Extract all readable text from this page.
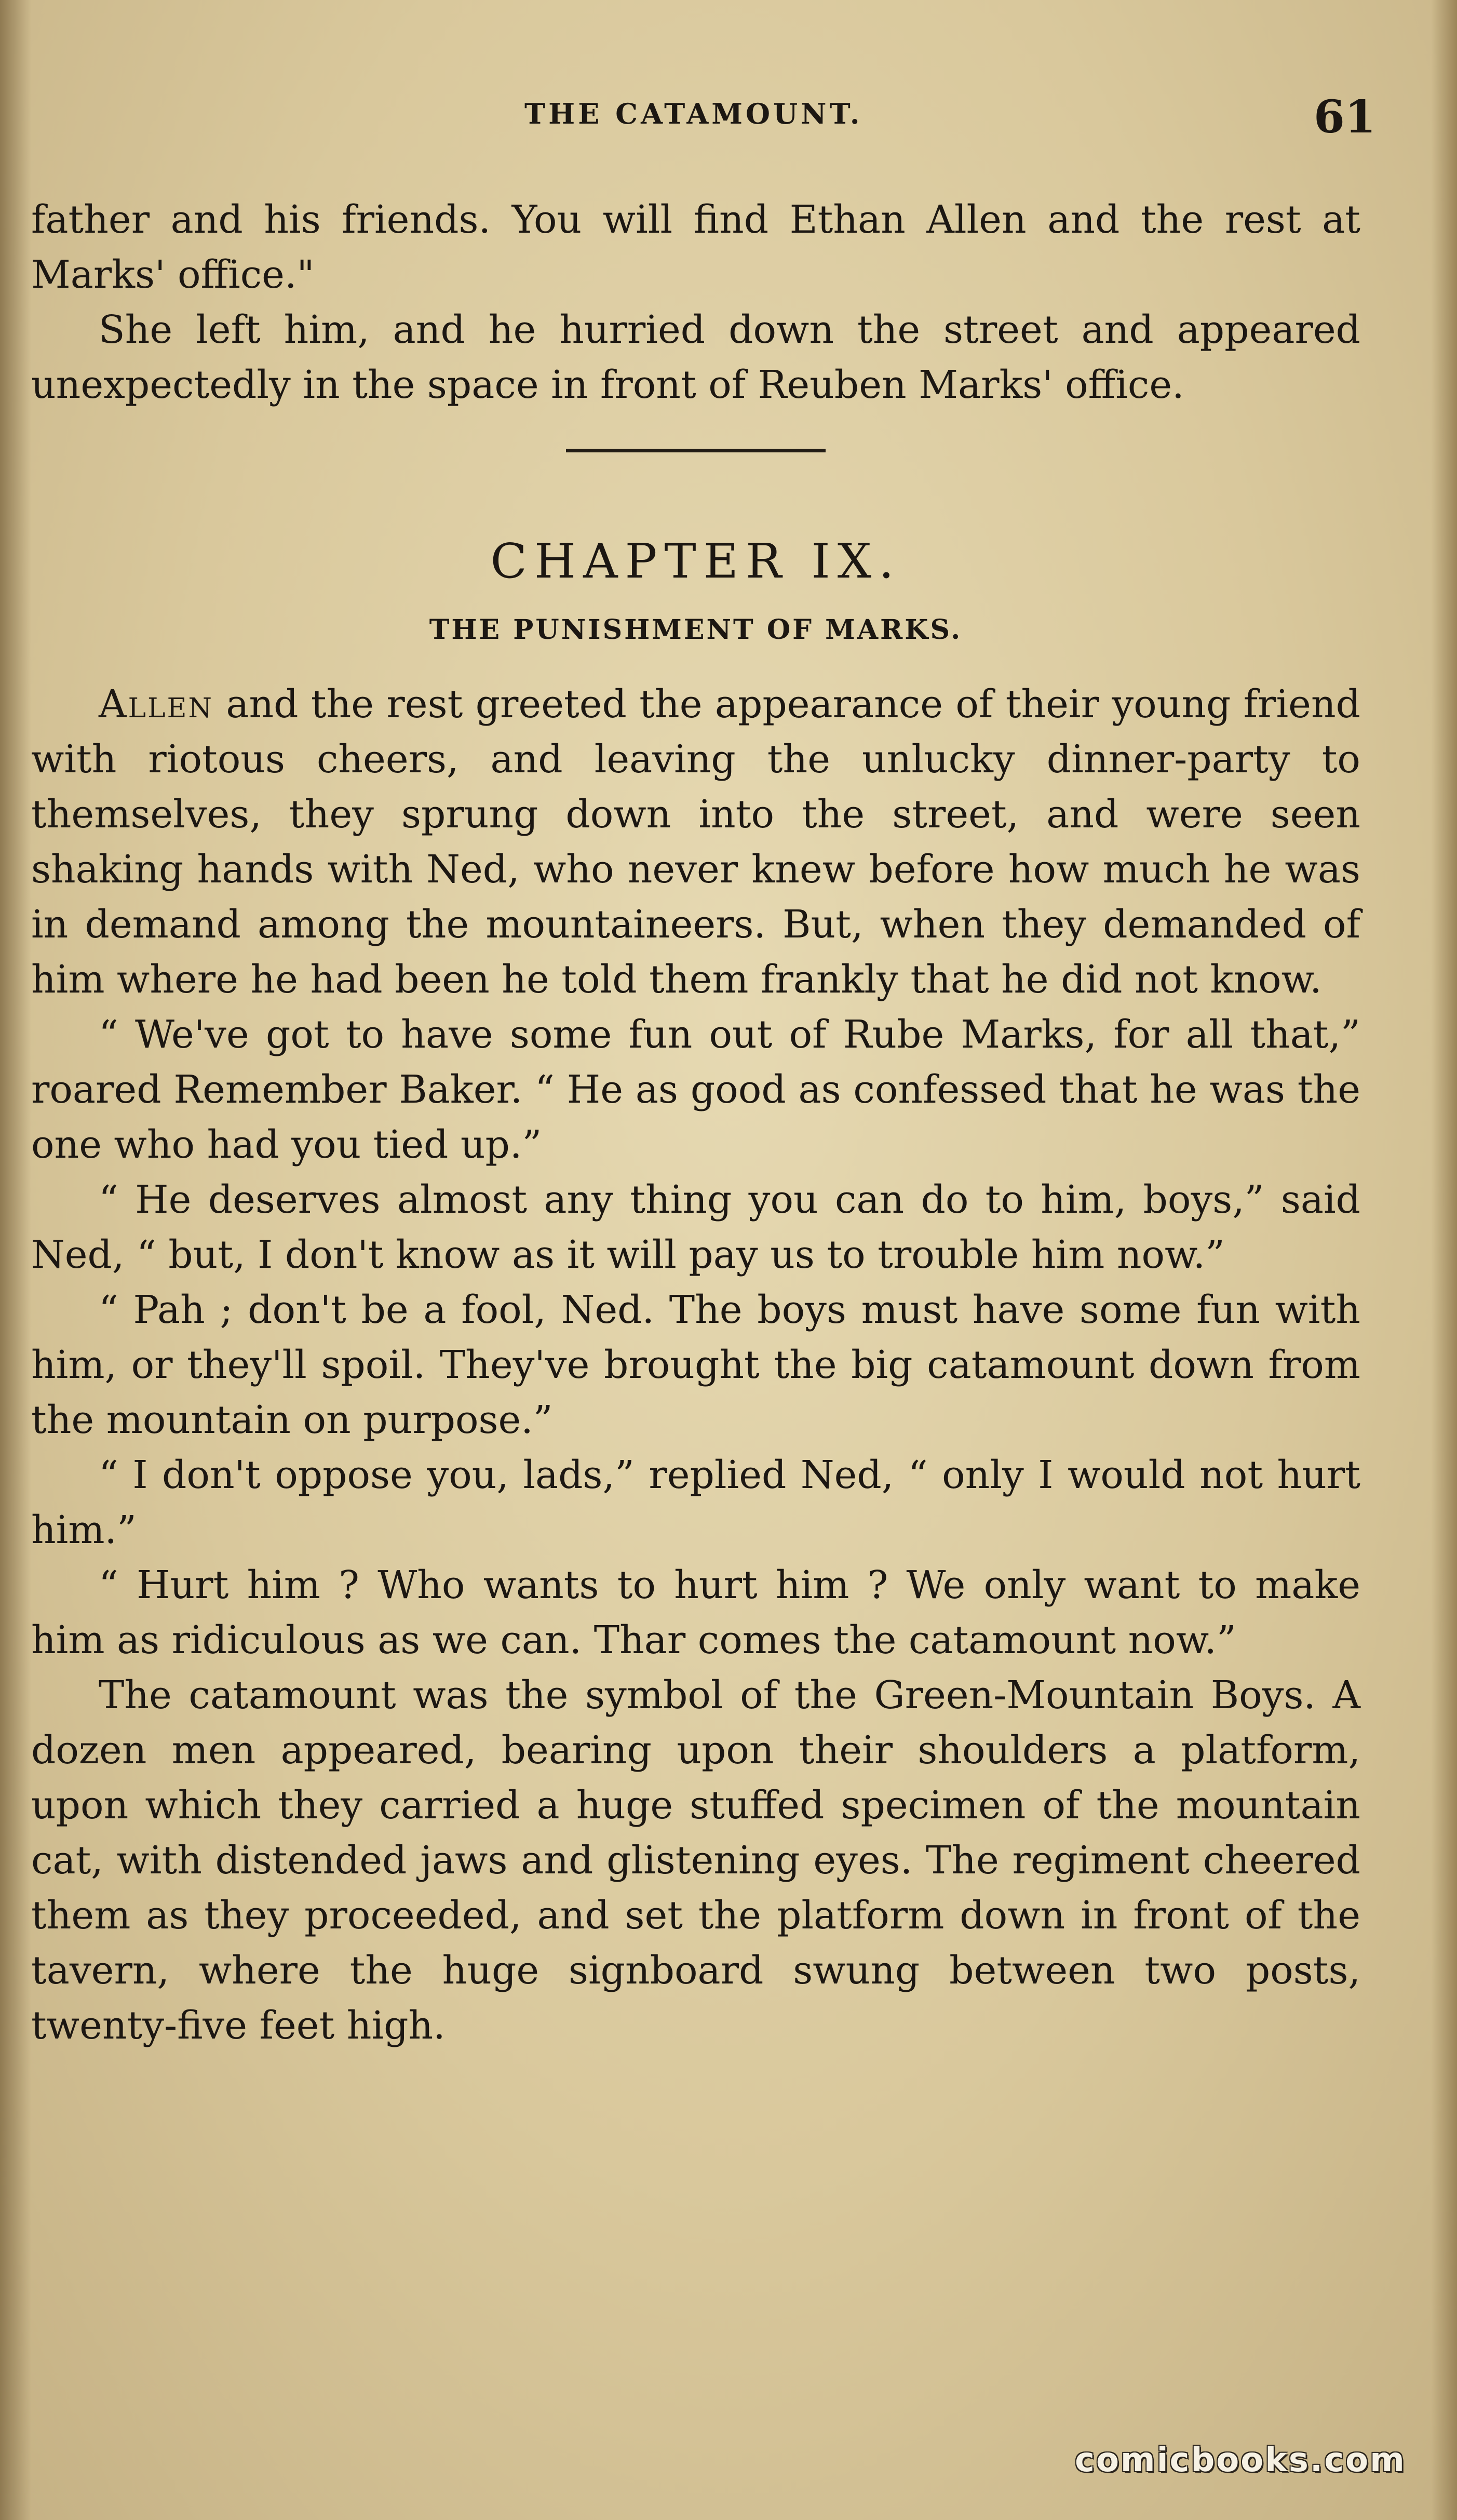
THE CATAMOUNT.	61

father and his friends. You will find Ethan Allen and the rest at Marks' office."

She left him, and he hurried down the street and appeared unexpectedly in the space in front of Reuben Marks' office.

CHAPTER IX.
THE PUNISHMENT OF MARKS.

Allen and the rest greeted the appearance of their young friend with riotous cheers, and leaving the unlucky dinner-party to themselves, they sprung down into the street, and were seen shaking hands with Ned, who never knew before how much he was in demand among the mountaineers. But, when they demanded of him where he had been he told them frankly that he did not know.

“ We've got to have some fun out of Rube Marks, for all that,” roared Remember Baker. “ He as good as confessed that he was the one who had you tied up.”

“ He deserves almost any thing you can do to him, boys,” said Ned, “ but, I don't know as it will pay us to trouble him now.”

“ Pah ; don't be a fool, Ned. The boys must have some fun with him, or they'll spoil. They've brought the big catamount down from the mountain on purpose.”

“ I don't oppose you, lads,” replied Ned, “ only I would not hurt him.”

“ Hurt him ? Who wants to hurt him ? We only want to make him as ridiculous as we can. Thar comes the catamount now.”

The catamount was the symbol of the Green-Mountain Boys. A dozen men appeared, bearing upon their shoulders a platform, upon which they carried a huge stuffed specimen of the mountain cat, with distended jaws and glistening eyes. The regiment cheered them as they proceeded, and set the platform down in front of the tavern, where the huge signboard swung between two posts, twenty-five feet high.

comicbooks.com
